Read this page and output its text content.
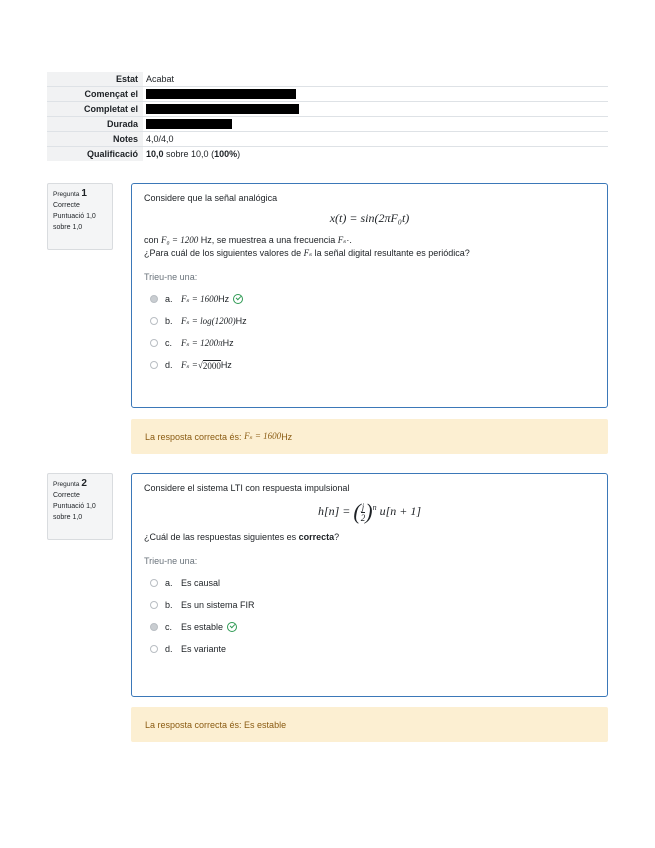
Estat	Acabat
Començat el	
Completat el	
Durada	
Notes	4,0/4,0
Qualificació	10,0 sobre 10,0 (100%)
Pregunta 1
Correcte
Puntuació 1,0
sobre 1,0

Considere que la señal analógica

x(t) = sin(2πF₀t)

con F₀ = 1200 Hz, se muestrea a una frecuencia Fₛ·.

¿Para cuál de los siguientes valores de Fₛ la señal digital resultante es periódica?

Trieu-ne una:
a. Fₛ = 1600 Hz
b. Fₛ = log(1200) Hz
c. Fₛ = 1200π Hz
d. Fₛ = √ 2000 Hz
La resposta correcta és:
Fₛ = 1600 Hz
Pregunta 2
Correcte
Puntuació 1,0
sobre 1,0

Considere el sistema LTI con respuesta impulsional

h[n] = ( $\frac{j}{2} )^n$ u[n + 1]

¿Cuál de las respuestas siguientes es correcta?

Trieu-ne una:
a. Es causal
b. Es un sistema FIR
c. Es estable
d. Es variante
La resposta correcta és: Es estable
